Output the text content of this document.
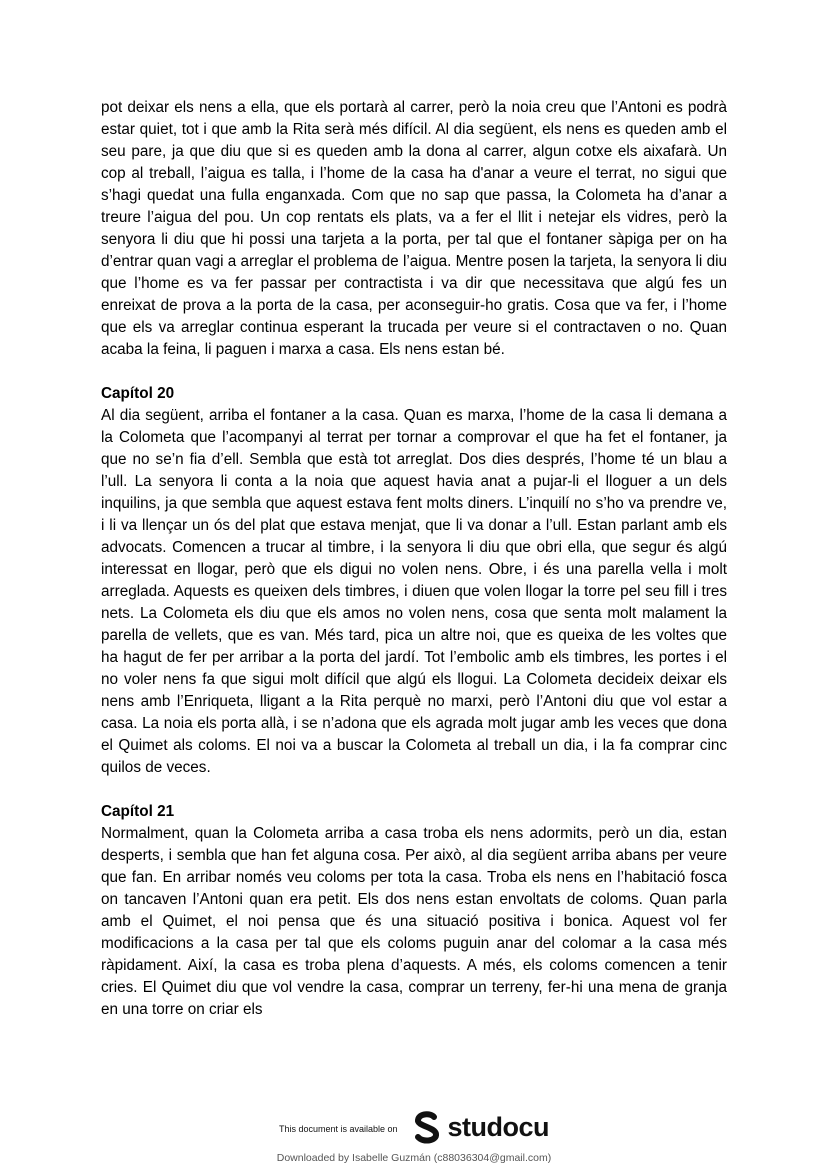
pot deixar els nens a ella, que els portarà al carrer, però la noia creu que l’Antoni es podrà estar quiet, tot i que amb la Rita serà més difícil. Al dia següent, els nens es queden amb el seu pare, ja que diu que si es queden amb la dona al carrer, algun cotxe els aixafarà. Un cop al treball, l’aigua es talla, i l’home de la casa ha d'anar a veure el terrat, no sigui que s’hagi quedat una fulla enganxada. Com que no sap que passa, la Colometa ha d’anar a treure l’aigua del pou. Un cop rentats els plats, va a fer el llit i netejar els vidres, però la senyora li diu que hi possi una tarjeta a la porta, per tal que el fontaner sàpiga per on ha d’entrar quan vagi a arreglar el problema de l’aigua. Mentre posen la tarjeta, la senyora li diu que l’home es va fer passar per contractista i va dir que necessitava que algú fes un enreixat de prova a la porta de la casa, per aconseguir-ho gratis. Cosa que va fer, i l’home que els va arreglar continua esperant la trucada per veure si el contractaven o no. Quan acaba la feina, li paguen i marxa a casa. Els nens estan bé.

Capítol 20

Al dia següent, arriba el fontaner a la casa. Quan es marxa, l’home de la casa li demana a la Colometa que l’acompanyi al terrat per tornar a comprovar el que ha fet el fontaner, ja que no se’n fia d’ell. Sembla que està tot arreglat. Dos dies després, l’home té un blau a l’ull. La senyora li conta a la noia que aquest havia anat a pujar-li el lloguer a un dels inquilins, ja que sembla que aquest estava fent molts diners. L’inquilí no s’ho va prendre ve, i li va llençar un ós del plat que estava menjat, que li va donar a l’ull. Estan parlant amb els advocats. Comencen a trucar al timbre, i la senyora li diu que obri ella, que segur és algú interessat en llogar, però que els digui no volen nens. Obre, i és una parella vella i molt arreglada. Aquests es queixen dels timbres, i diuen que volen llogar la torre pel seu fill i tres nets. La Colometa els diu que els amos no volen nens, cosa que senta molt malament la parella de vellets, que es van. Més tard, pica un altre noi, que es queixa de les voltes que ha hagut de fer per arribar a la porta del jardí. Tot l’embolic amb els timbres, les portes i el no voler nens fa que sigui molt difícil que algú els llogui. La Colometa decideix deixar els nens amb l’Enriqueta, lligant a la Rita perquè no marxi, però l’Antoni diu que vol estar a casa. La noia els porta allà, i se n’adona que els agrada molt jugar amb les veces que dona el Quimet als coloms. El noi va a buscar la Colometa al treball un dia, i la fa comprar cinc quilos de veces.

Capítol 21

Normalment, quan la Colometa arriba a casa troba els nens adormits, però un dia, estan desperts, i sembla que han fet alguna cosa. Per això, al dia següent arriba abans per veure que fan. En arribar només veu coloms per tota la casa. Troba els nens en l’habitació fosca on tancaven l’Antoni quan era petit. Els dos nens estan envoltats de coloms. Quan parla amb el Quimet, el noi pensa que és una situació positiva i bonica. Aquest vol fer modificacions a la casa per tal que els coloms puguin anar del colomar a la casa més ràpidament. Així, la casa es troba plena d’aquests. A més, els coloms comencen a tenir cries. El Quimet diu que vol vendre la casa, comprar un terreny, fer-hi una mena de granja en una torre on criar els

This document is available on studocu
Downloaded by Isabelle Guzmán (c88036304@gmail.com)
